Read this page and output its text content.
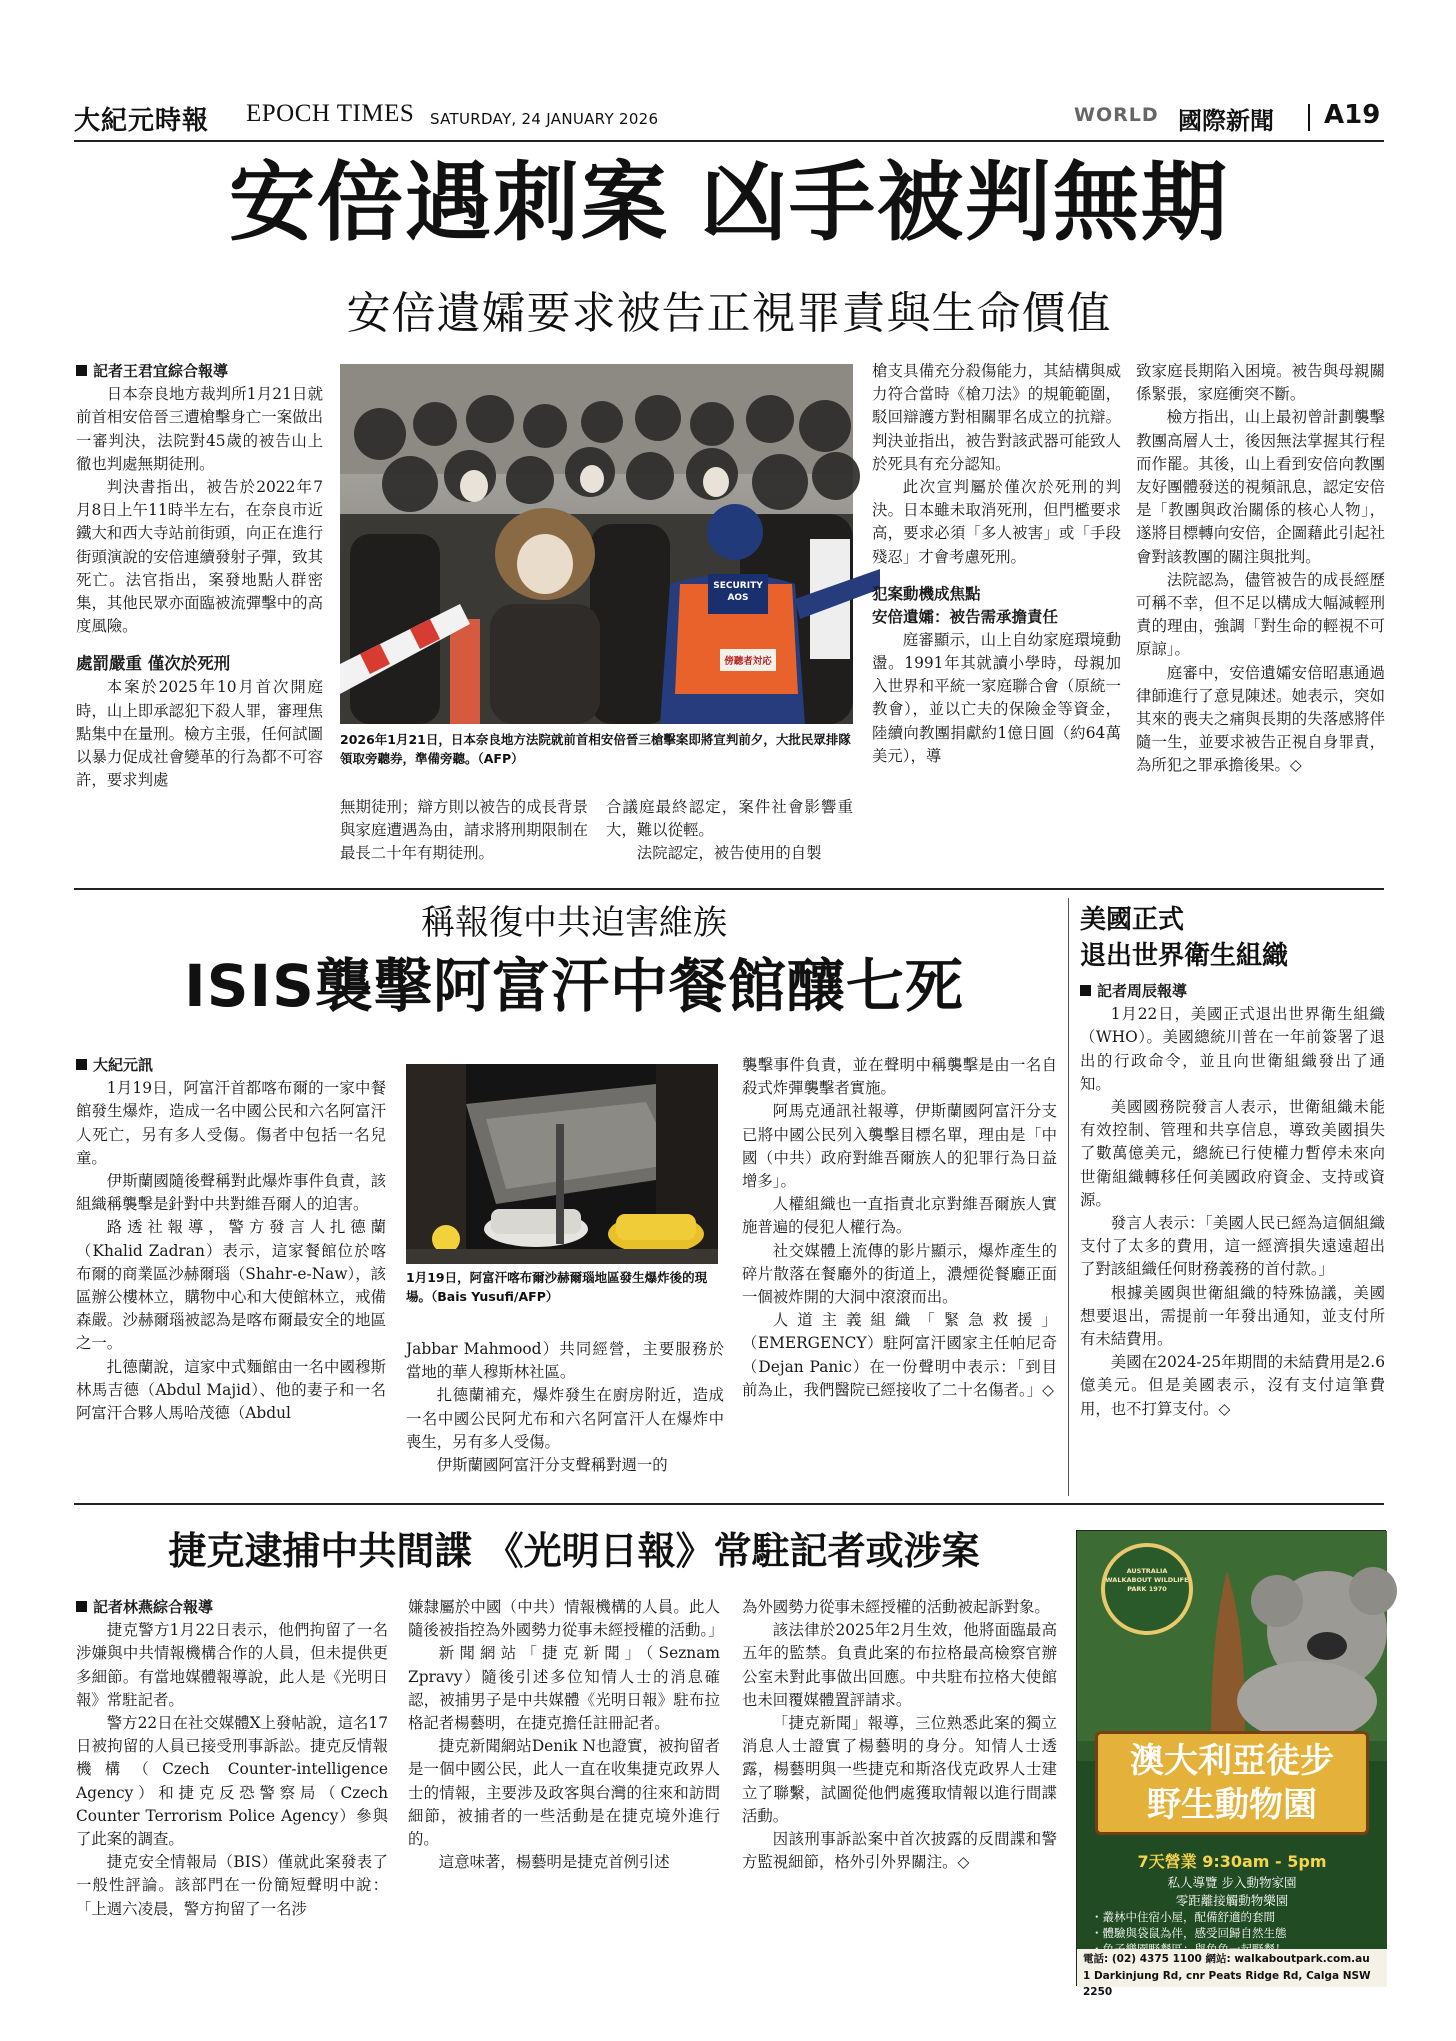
大紀元時報 EPOCH TIMES SATURDAY, 24 JANUARY 2026	WORLD 國際新聞 A19
安倍遇刺案 凶手被判無期
安倍遺孀要求被告正視罪責與生命價值

記者王君宜綜合報導

日本奈良地方裁判所1月21日就前首相安倍晉三遭槍擊身亡一案做出一審判決，法院對45歲的被告山上徹也判處無期徒刑。

判決書指出，被告於2022年7月8日上午11時半左右，在奈良市近鐵大和西大寺站前街頭，向正在進行街頭演說的安倍連續發射子彈，致其死亡。法官指出，案發地點人群密集，其他民眾亦面臨被流彈擊中的高度風險。

處罰嚴重 僅次於死刑

本案於2025年10月首次開庭時，山上即承認犯下殺人罪，審理焦點集中在量刑。檢方主張，任何試圖以暴力促成社會變革的行為都不可容許，要求判處

SECURITY AOS
傍聽者対応
2026年1月21日，日本奈良地方法院就前首相安倍晉三槍擊案即將宣判前夕，大批民眾排隊領取旁聽券，準備旁聽。（AFP）

無期徒刑；辯方則以被告的成長背景與家庭遭遇為由，請求將刑期限制在最長二十年有期徒刑。

合議庭最終認定，案件社會影響重大，難以從輕。

法院認定，被告使用的自製

槍支具備充分殺傷能力，其結構與威力符合當時《槍刀法》的規範範圍，駁回辯護方對相關罪名成立的抗辯。判決並指出，被告對該武器可能致人於死具有充分認知。

此次宣判屬於僅次於死刑的判決。日本雖未取消死刑，但門檻要求高，要求必須「多人被害」或「手段殘忍」才會考慮死刑。

犯案動機成焦點
安倍遺孀：被告需承擔責任

庭審顯示，山上自幼家庭環境動盪。1991年其就讀小學時，母親加入世界和平統一家庭聯合會（原統一教會），並以亡夫的保險金等資金，陸續向教團捐獻約1億日圓（約64萬美元），導

致家庭長期陷入困境。被告與母親關係緊張，家庭衝突不斷。

檢方指出，山上最初曾計劃襲擊教團高層人士，後因無法掌握其行程而作罷。其後，山上看到安倍向教團友好團體發送的視頻訊息，認定安倍是「教團與政治關係的核心人物」，遂將目標轉向安倍，企圖藉此引起社會對該教團的關注與批判。

法院認為，儘管被告的成長經歷可稱不幸，但不足以構成大幅減輕刑責的理由，強調「對生命的輕視不可原諒」。

庭審中，安倍遺孀安倍昭惠通過律師進行了意見陳述。她表示，突如其來的喪夫之痛與長期的失落感將伴隨一生，並要求被告正視自身罪責，為所犯之罪承擔後果。◇

稱報復中共迫害維族
ISIS襲擊阿富汗中餐館釀七死

大紀元訊

1月19日，阿富汗首都喀布爾的一家中餐館發生爆炸，造成一名中國公民和六名阿富汗人死亡，另有多人受傷。傷者中包括一名兒童。

伊斯蘭國隨後聲稱對此爆炸事件負責，該組織稱襲擊是針對中共對維吾爾人的迫害。

路透社報導，警方發言人扎德蘭（Khalid Zadran）表示，這家餐館位於喀布爾的商業區沙赫爾瑙（Shahr-e-Naw），該區辦公樓林立，購物中心和大使館林立，戒備森嚴。沙赫爾瑙被認為是喀布爾最安全的地區之一。

扎德蘭說，這家中式麵館由一名中國穆斯林馬吉德（Abdul Majid）、他的妻子和一名阿富汗合夥人馬哈茂德（Abdul

1月19日，阿富汗喀布爾沙赫爾瑙地區發生爆炸後的現場。（Bais Yusufi/AFP）

Jabbar Mahmood）共同經營，主要服務於當地的華人穆斯林社區。

扎德蘭補充，爆炸發生在廚房附近，造成一名中國公民阿尤布和六名阿富汗人在爆炸中喪生，另有多人受傷。

伊斯蘭國阿富汗分支聲稱對週一的

襲擊事件負責，並在聲明中稱襲擊是由一名自殺式炸彈襲擊者實施。

阿馬克通訊社報導，伊斯蘭國阿富汗分支已將中國公民列入襲擊目標名單，理由是「中國（中共）政府對維吾爾族人的犯罪行為日益增多」。

人權組織也一直指責北京對維吾爾族人實施普遍的侵犯人權行為。

社交媒體上流傳的影片顯示，爆炸產生的碎片散落在餐廳外的街道上，濃煙從餐廳正面一個被炸開的大洞中滾滾而出。

人道主義組織「緊急救援」（EMERGENCY）駐阿富汗國家主任帕尼奇（Dejan Panic）在一份聲明中表示：「到目前為止，我們醫院已經接收了二十名傷者。」◇

美國正式
退出世界衛生組織

記者周辰報導

1月22日，美國正式退出世界衛生組織（WHO）。美國總統川普在一年前簽署了退出的行政命令，並且向世衛組織發出了通知。

美國國務院發言人表示，世衛組織未能有效控制、管理和共享信息，導致美國損失了數萬億美元，總統已行使權力暫停未來向世衛組織轉移任何美國政府資金、支持或資源。

發言人表示：「美國人民已經為這個組織支付了太多的費用，這一經濟損失遠遠超出了對該組織任何財務義務的首付款。」

根據美國與世衛組織的特殊協議，美國想要退出，需提前一年發出通知，並支付所有未結費用。

美國在2024-25年期間的未結費用是2.6億美元。但是美國表示，沒有支付這筆費用，也不打算支付。◇

捷克逮捕中共間諜 《光明日報》常駐記者或涉案

記者林燕綜合報導

捷克警方1月22日表示，他們拘留了一名涉嫌與中共情報機構合作的人員，但未提供更多細節。有當地媒體報導說，此人是《光明日報》常駐記者。

警方22日在社交媒體X上發帖說，這名17日被拘留的人員已接受刑事訴訟。捷克反情報機構（Czech Counter-intelligence Agency）和捷克反恐警察局（Czech Counter Terrorism Police Agency）參與了此案的調查。

捷克安全情報局（BIS）僅就此案發表了一般性評論。該部門在一份簡短聲明中說：「上週六凌晨，警方拘留了一名涉

嫌隸屬於中國（中共）情報機構的人員。此人隨後被指控為外國勢力從事未經授權的活動。」

新聞網站「捷克新聞」（Seznam Zpravy）隨後引述多位知情人士的消息確認，被捕男子是中共媒體《光明日報》駐布拉格記者楊藝明，在捷克擔任註冊記者。

捷克新聞網站Denik N也證實，被拘留者是一個中國公民，此人一直在收集捷克政界人士的情報，主要涉及政客與台灣的往來和訪問細節，被捕者的一些活動是在捷克境外進行的。

這意味著，楊藝明是捷克首例引述

為外國勢力從事未經授權的活動被起訴對象。

該法律於2025年2月生效，他將面臨最高五年的監禁。負責此案的布拉格最高檢察官辦公室未對此事做出回應。中共駐布拉格大使館也未回覆媒體置評請求。

「捷克新聞」報導，三位熟悉此案的獨立消息人士證實了楊藝明的身分。知情人士透露，楊藝明與一些捷克和斯洛伐克政界人士建立了聯繫，試圖從他們處獲取情報以進行間諜活動。

因該刑事訴訟案中首次披露的反間諜和警方監視細節，格外引外界關注。◇

AUSTRALIA WALKABOUT WILDLIFE PARK 1970
澳大利亞徒步
野生動物園
7天營業 9:30am - 5pm
私人導覽 步入動物家園
零距離接觸動物樂園
・叢林中住宿小屋，配備舒適的套間
・體驗與袋鼠為伴，感受回歸自然生態
電話: (02) 4375 1100 網站: walkaboutpark.com.au
1 Darkinjung Rd, cnr Peats Ridge Rd, Calga NSW 2250
